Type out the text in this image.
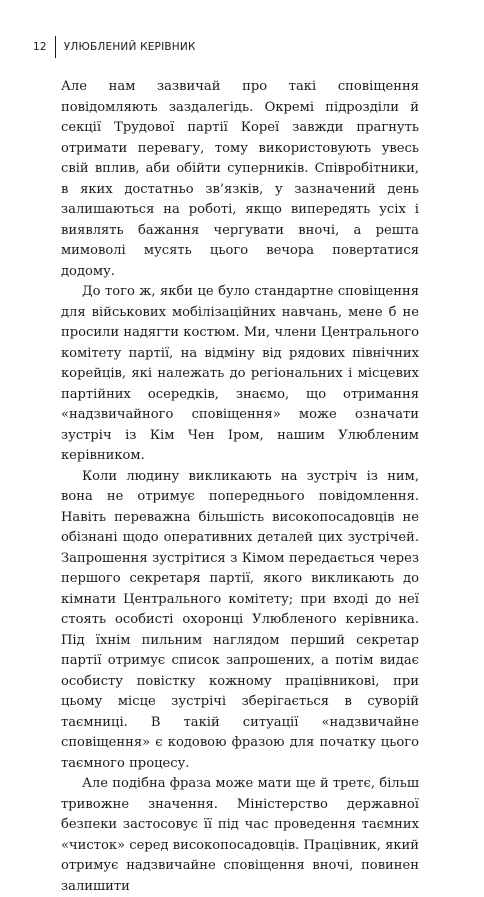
12 УЛЮБЛЕНИЙ КЕРІВНИК

Але нам зазвичай про такі сповіщення повідомляють заздалегідь. Окремі підрозділи й секції Трудової партії Кореї завжди прагнуть отримати перевагу, тому використовують увесь свій вплив, аби обійти суперників. Співробітники, в яких достатньо зв’язків, у зазначений день залишаються на роботі, якщо випередять усіх і виявлять бажання чергувати вночі, а решта мимоволі мусять цього вечора повертатися додому.

До того ж, якби це було стандартне сповіщення для військових мобілізаційних навчань, мене б не просили надягти костюм. Ми, члени Центрального комітету партії, на відміну від рядових північних корейців, які належать до регіональних і місцевих партійних осередків, знаємо, що отримання «надзвичайного сповіщення» може означати зустріч із Кім Чен Іром, нашим Улюбленим керівником.

Коли людину викликають на зустріч із ним, вона не отримує попереднього повідомлення. Навіть переважна більшість високопосадовців не обізнані щодо оперативних деталей цих зустрічей. Запрошення зустрітися з Кімом передається через першого секретаря партії, якого викликають до кімнати Центрального комітету; при вході до неї стоять особисті охоронці Улюбленого керівника. Під їхнім пильним наглядом перший секретар партії отримує список запрошених, а потім видає особисту повістку кожному працівникові, при цьому місце зустрічі зберігається в суворій таємниці. В такій ситуації «надзвичайне сповіщення» є кодовою фразою для початку цього таємного процесу.

Але подібна фраза може мати ще й третє, більш тривожне значення. Міністерство державної безпеки застосовує її під час проведення таємних «чисток» серед високопосадовців. Працівник, який отримує надзвичайне сповіщення вночі, повинен залишити
